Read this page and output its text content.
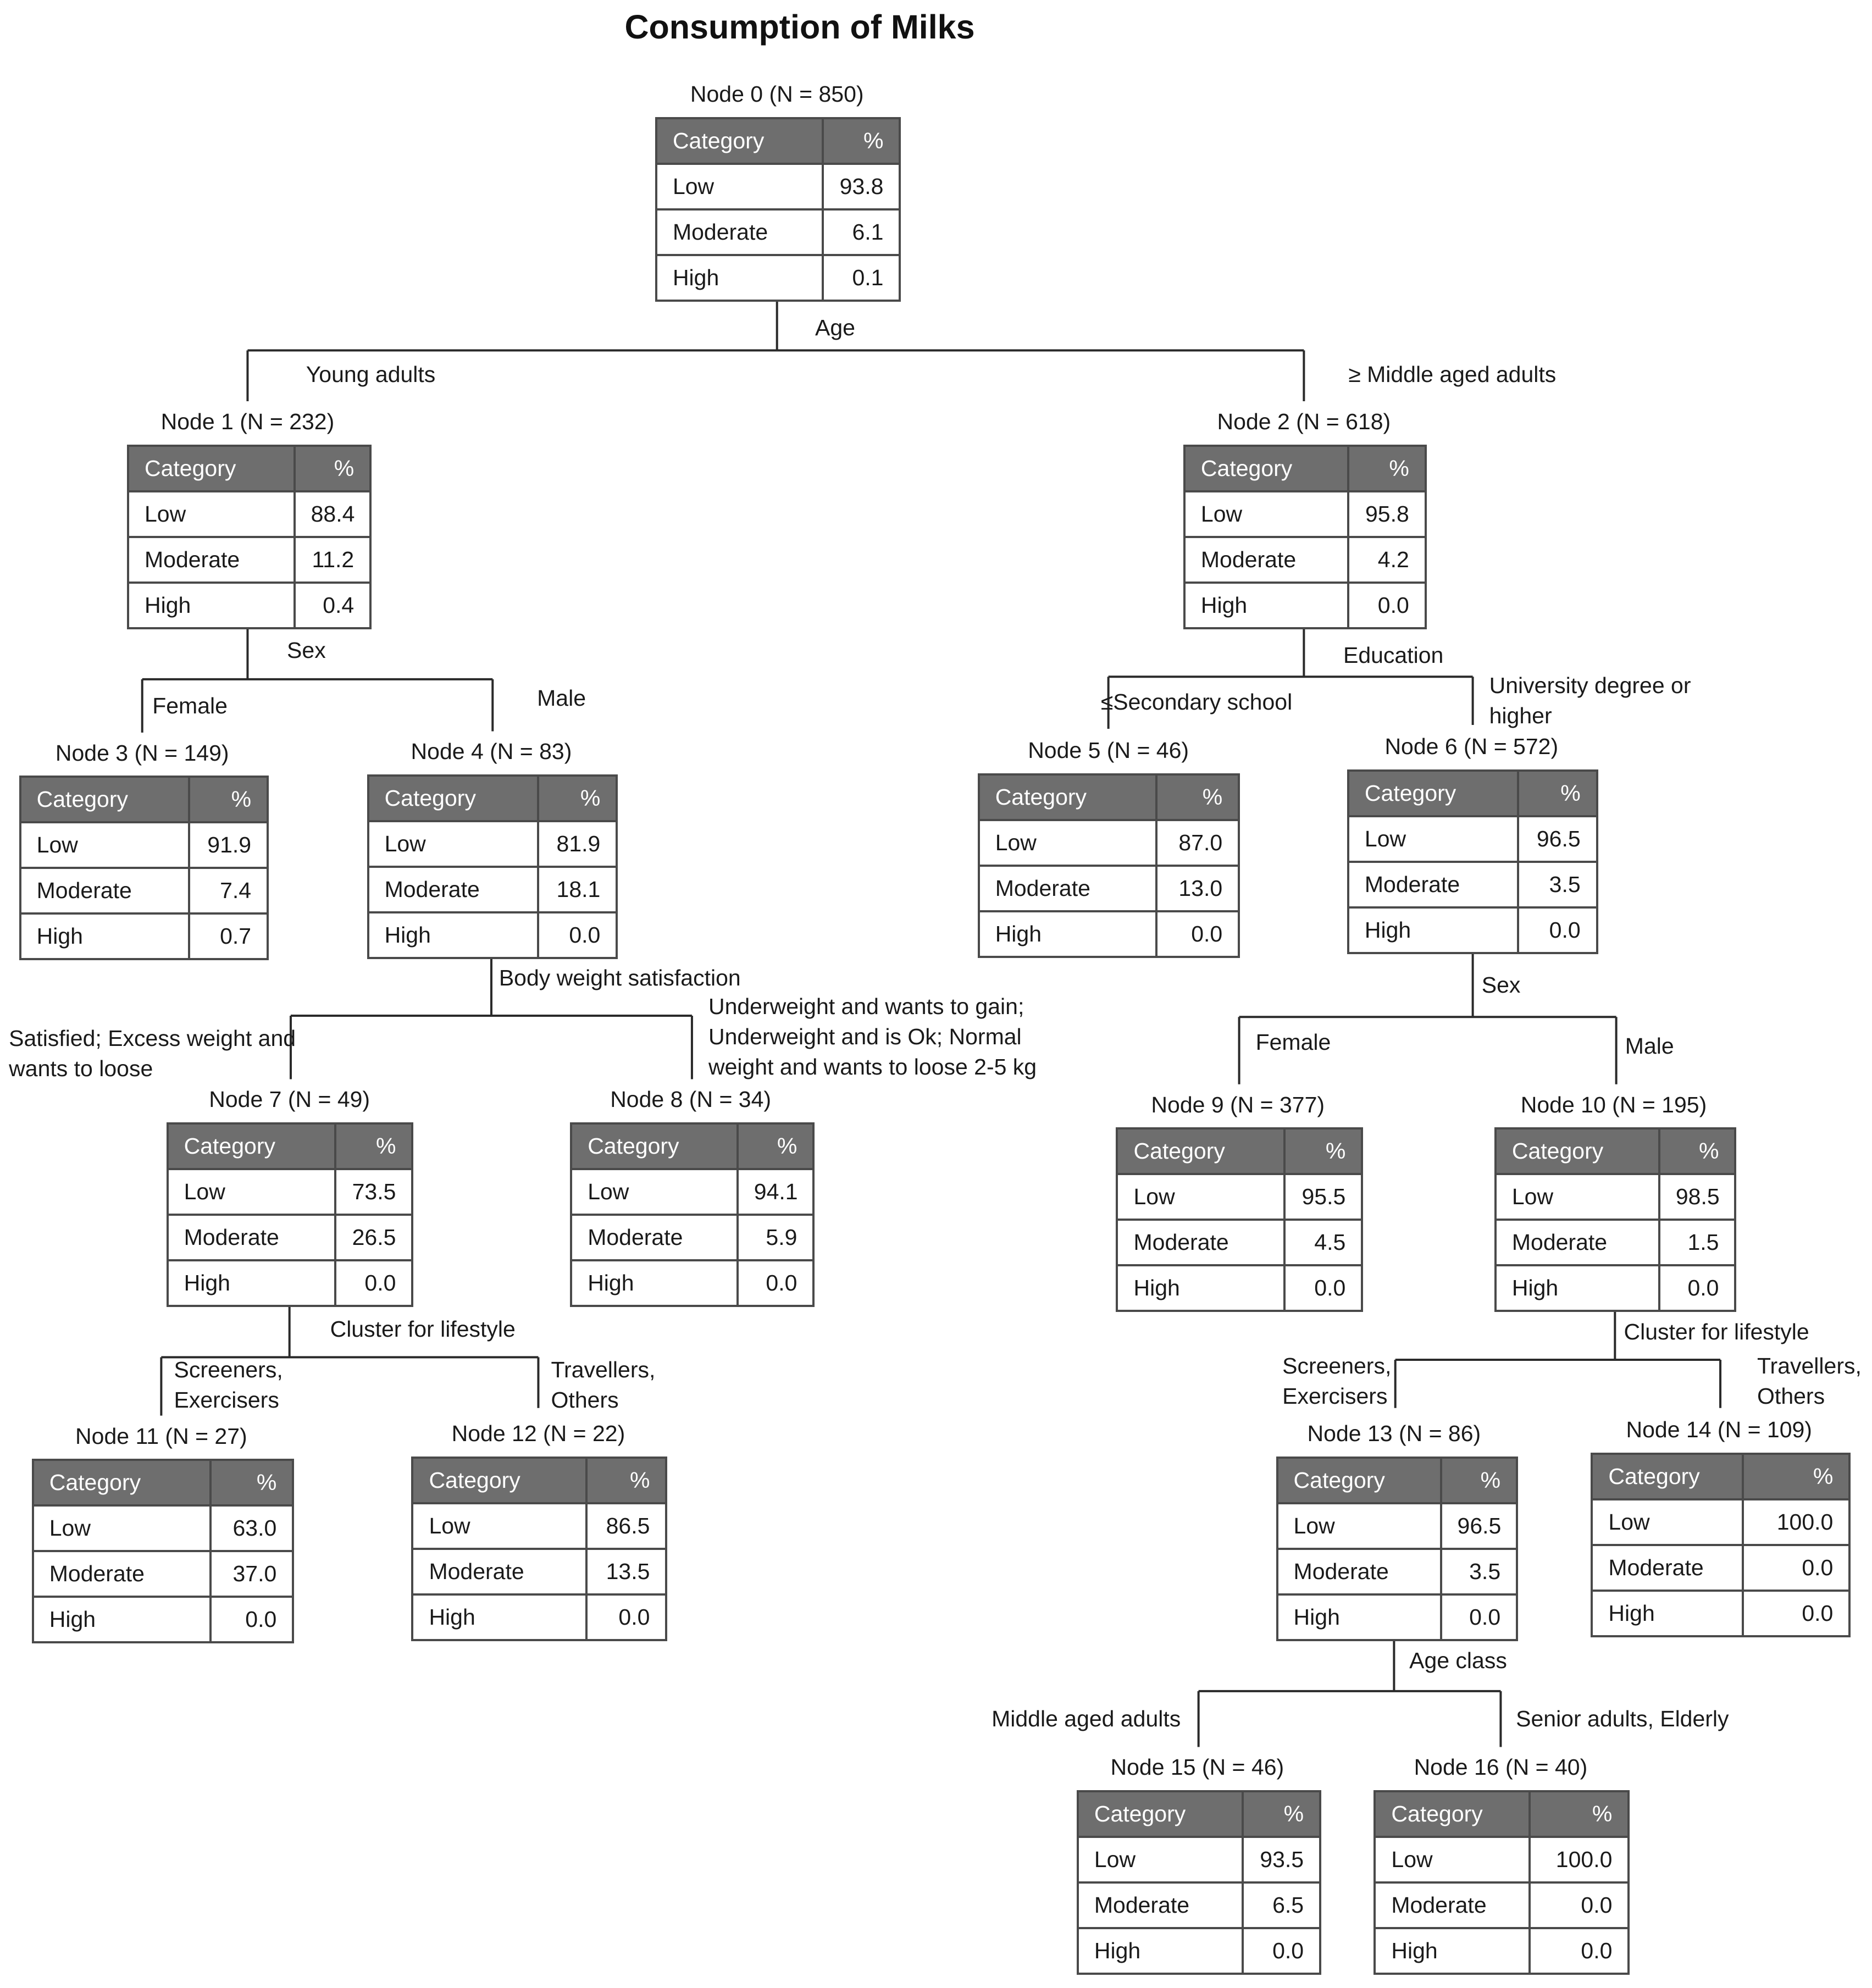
Consumption of Milks
Node 0 (N = 850)
Category	%
Low	93.8
Moderate	6.1
High	0.1
Node 1 (N = 232)
Category	%
Low	88.4
Moderate	11.2
High	0.4
Node 2 (N = 618)
Category	%
Low	95.8
Moderate	4.2
High	0.0
Node 3 (N = 149)
Category	%
Low	91.9
Moderate	7.4
High	0.7
Node 4 (N = 83)
Category	%
Low	81.9
Moderate	18.1
High	0.0
Node 5 (N = 46)
Category	%
Low	87.0
Moderate	13.0
High	0.0
Node 6 (N = 572)
Category	%
Low	96.5
Moderate	3.5
High	0.0
Node 7 (N = 49)
Category	%
Low	73.5
Moderate	26.5
High	0.0
Node 8 (N = 34)
Category	%
Low	94.1
Moderate	5.9
High	0.0
Node 9 (N = 377)
Category	%
Low	95.5
Moderate	4.5
High	0.0
Node 10 (N = 195)
Category	%
Low	98.5
Moderate	1.5
High	0.0
Node 11 (N = 27)
Category	%
Low	63.0
Moderate	37.0
High	0.0
Node 12 (N = 22)
Category	%
Low	86.5
Moderate	13.5
High	0.0
Node 13 (N = 86)
Category	%
Low	96.5
Moderate	3.5
High	0.0
Node 14 (N = 109)
Category	%
Low	100.0
Moderate	0.0
High	0.0
Node 15 (N = 46)
Category	%
Low	93.5
Moderate	6.5
High	0.0
Node 16 (N = 40)
Category	%
Low	100.0
Moderate	0.0
High	0.0
Age
Young adults	≥ Middle aged adults
Sex
Female	Male
Education
≤Secondary school
University degree or higher
Body weight satisfaction
Satisfied; Excess weight and wants to loose
Underweight and wants to gain; Underweight and is Ok; Normal weight and wants to loose 2-5 kg
Sex
Female	Male
Cluster for lifestyle
Screeners, Exercisers
Travellers, Others
Cluster for lifestyle
Screeners, Exercisers
Travellers, Others
Age class
Middle aged adults	Senior adults, Elderly
